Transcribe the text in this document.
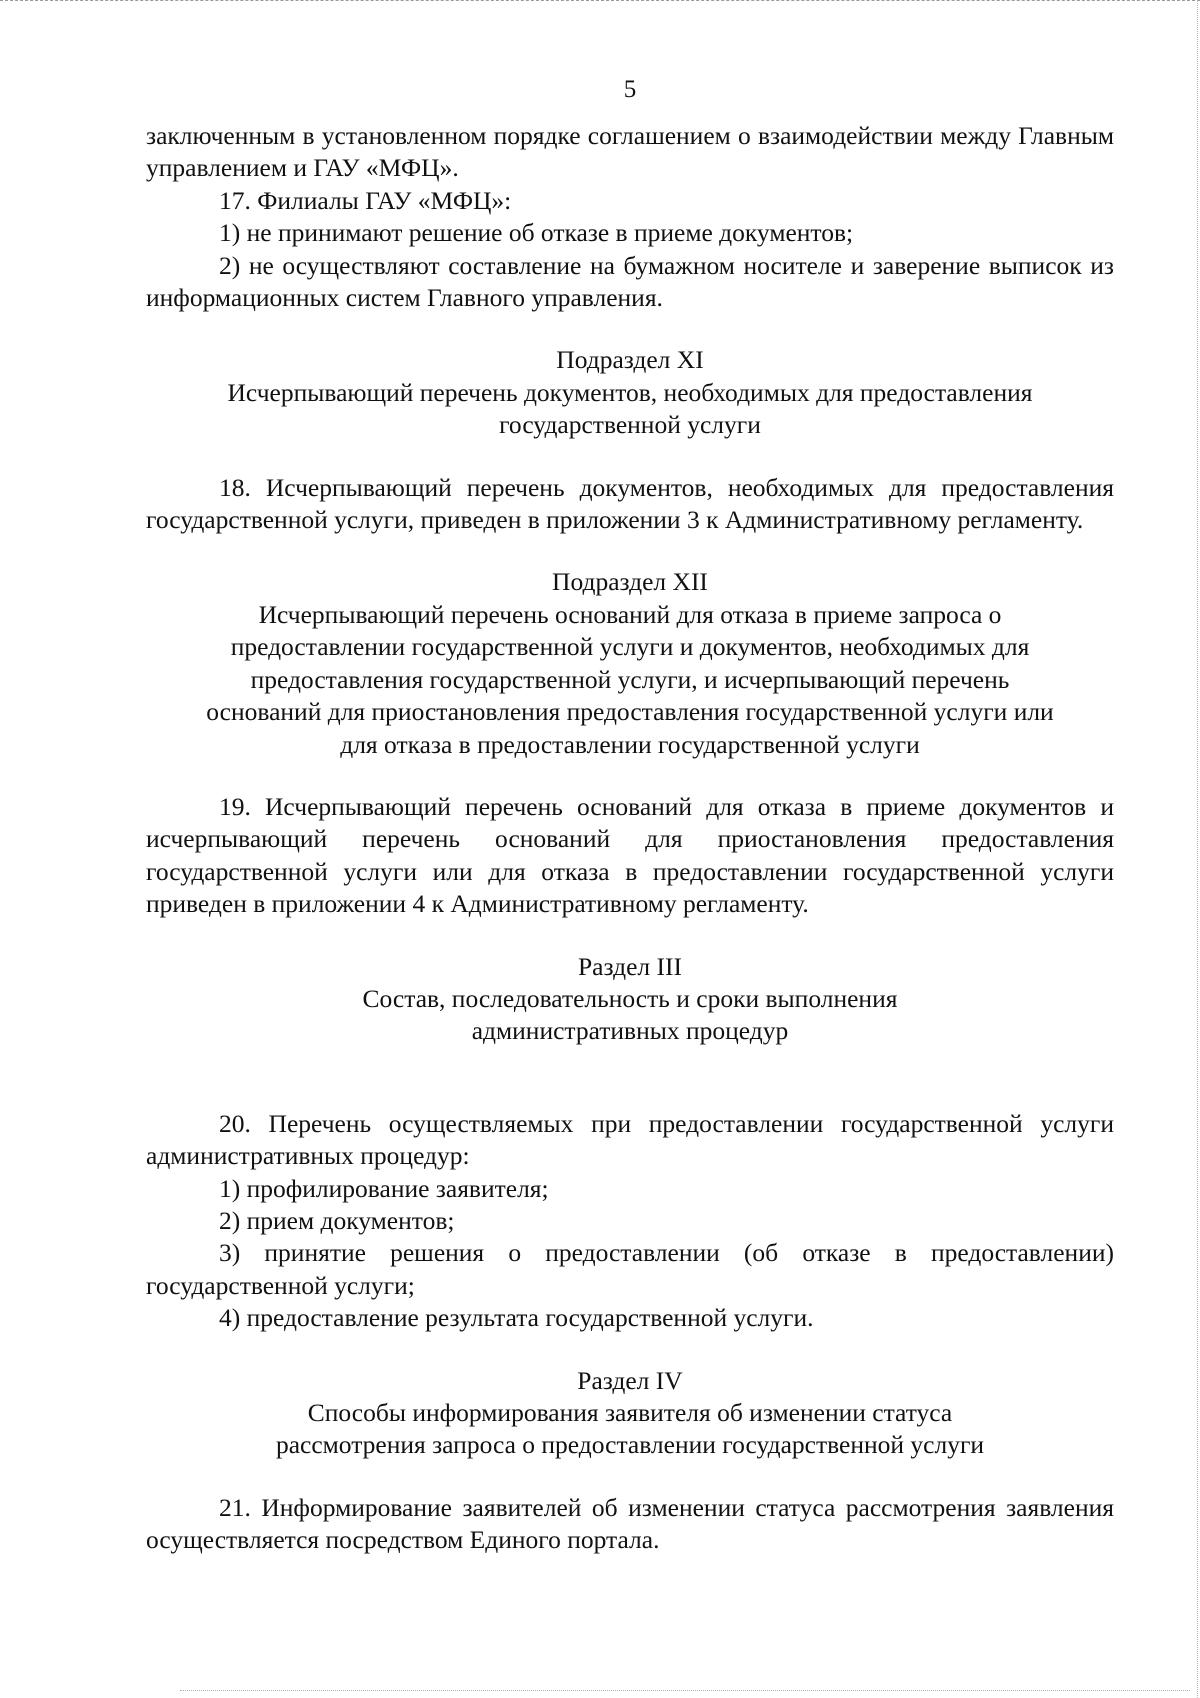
5

заключенным в установленном порядке соглашением о взаимодействии между Главным управлением и ГАУ «МФЦ».

17. Филиалы ГАУ «МФЦ»:

1) не принимают решение об отказе в приеме документов;

2) не осуществляют составление на бумажном носителе и заверение выписок из информационных систем Главного управления.

Подраздел XI

Исчерпывающий перечень документов, необходимых для предоставления

государственной услуги

18. Исчерпывающий перечень документов, необходимых для предоставления государственной услуги, приведен в приложении 3 к Административному регламенту.

Подраздел XII

Исчерпывающий перечень оснований для отказа в приеме запроса о

предоставлении государственной услуги и документов, необходимых для

предоставления государственной услуги, и исчерпывающий перечень

оснований для приостановления предоставления государственной услуги или

для отказа в предоставлении государственной услуги

19. Исчерпывающий перечень оснований для отказа в приеме документов и исчерпывающий перечень оснований для приостановления предоставления государственной услуги или для отказа в предоставлении государственной услуги приведен в приложении 4 к Административному регламенту.

Раздел III

Состав, последовательность и сроки выполнения

административных процедур

20. Перечень осуществляемых при предоставлении государственной услуги административных процедур:

1) профилирование заявителя;

2) прием документов;

3) принятие решения о предоставлении (об отказе в предоставлении) государственной услуги;

4) предоставление результата государственной услуги.

Раздел IV

Способы информирования заявителя об изменении статуса

рассмотрения запроса о предоставлении государственной услуги

21. Информирование заявителей об изменении статуса рассмотрения заявления осуществляется посредством Единого портала.
